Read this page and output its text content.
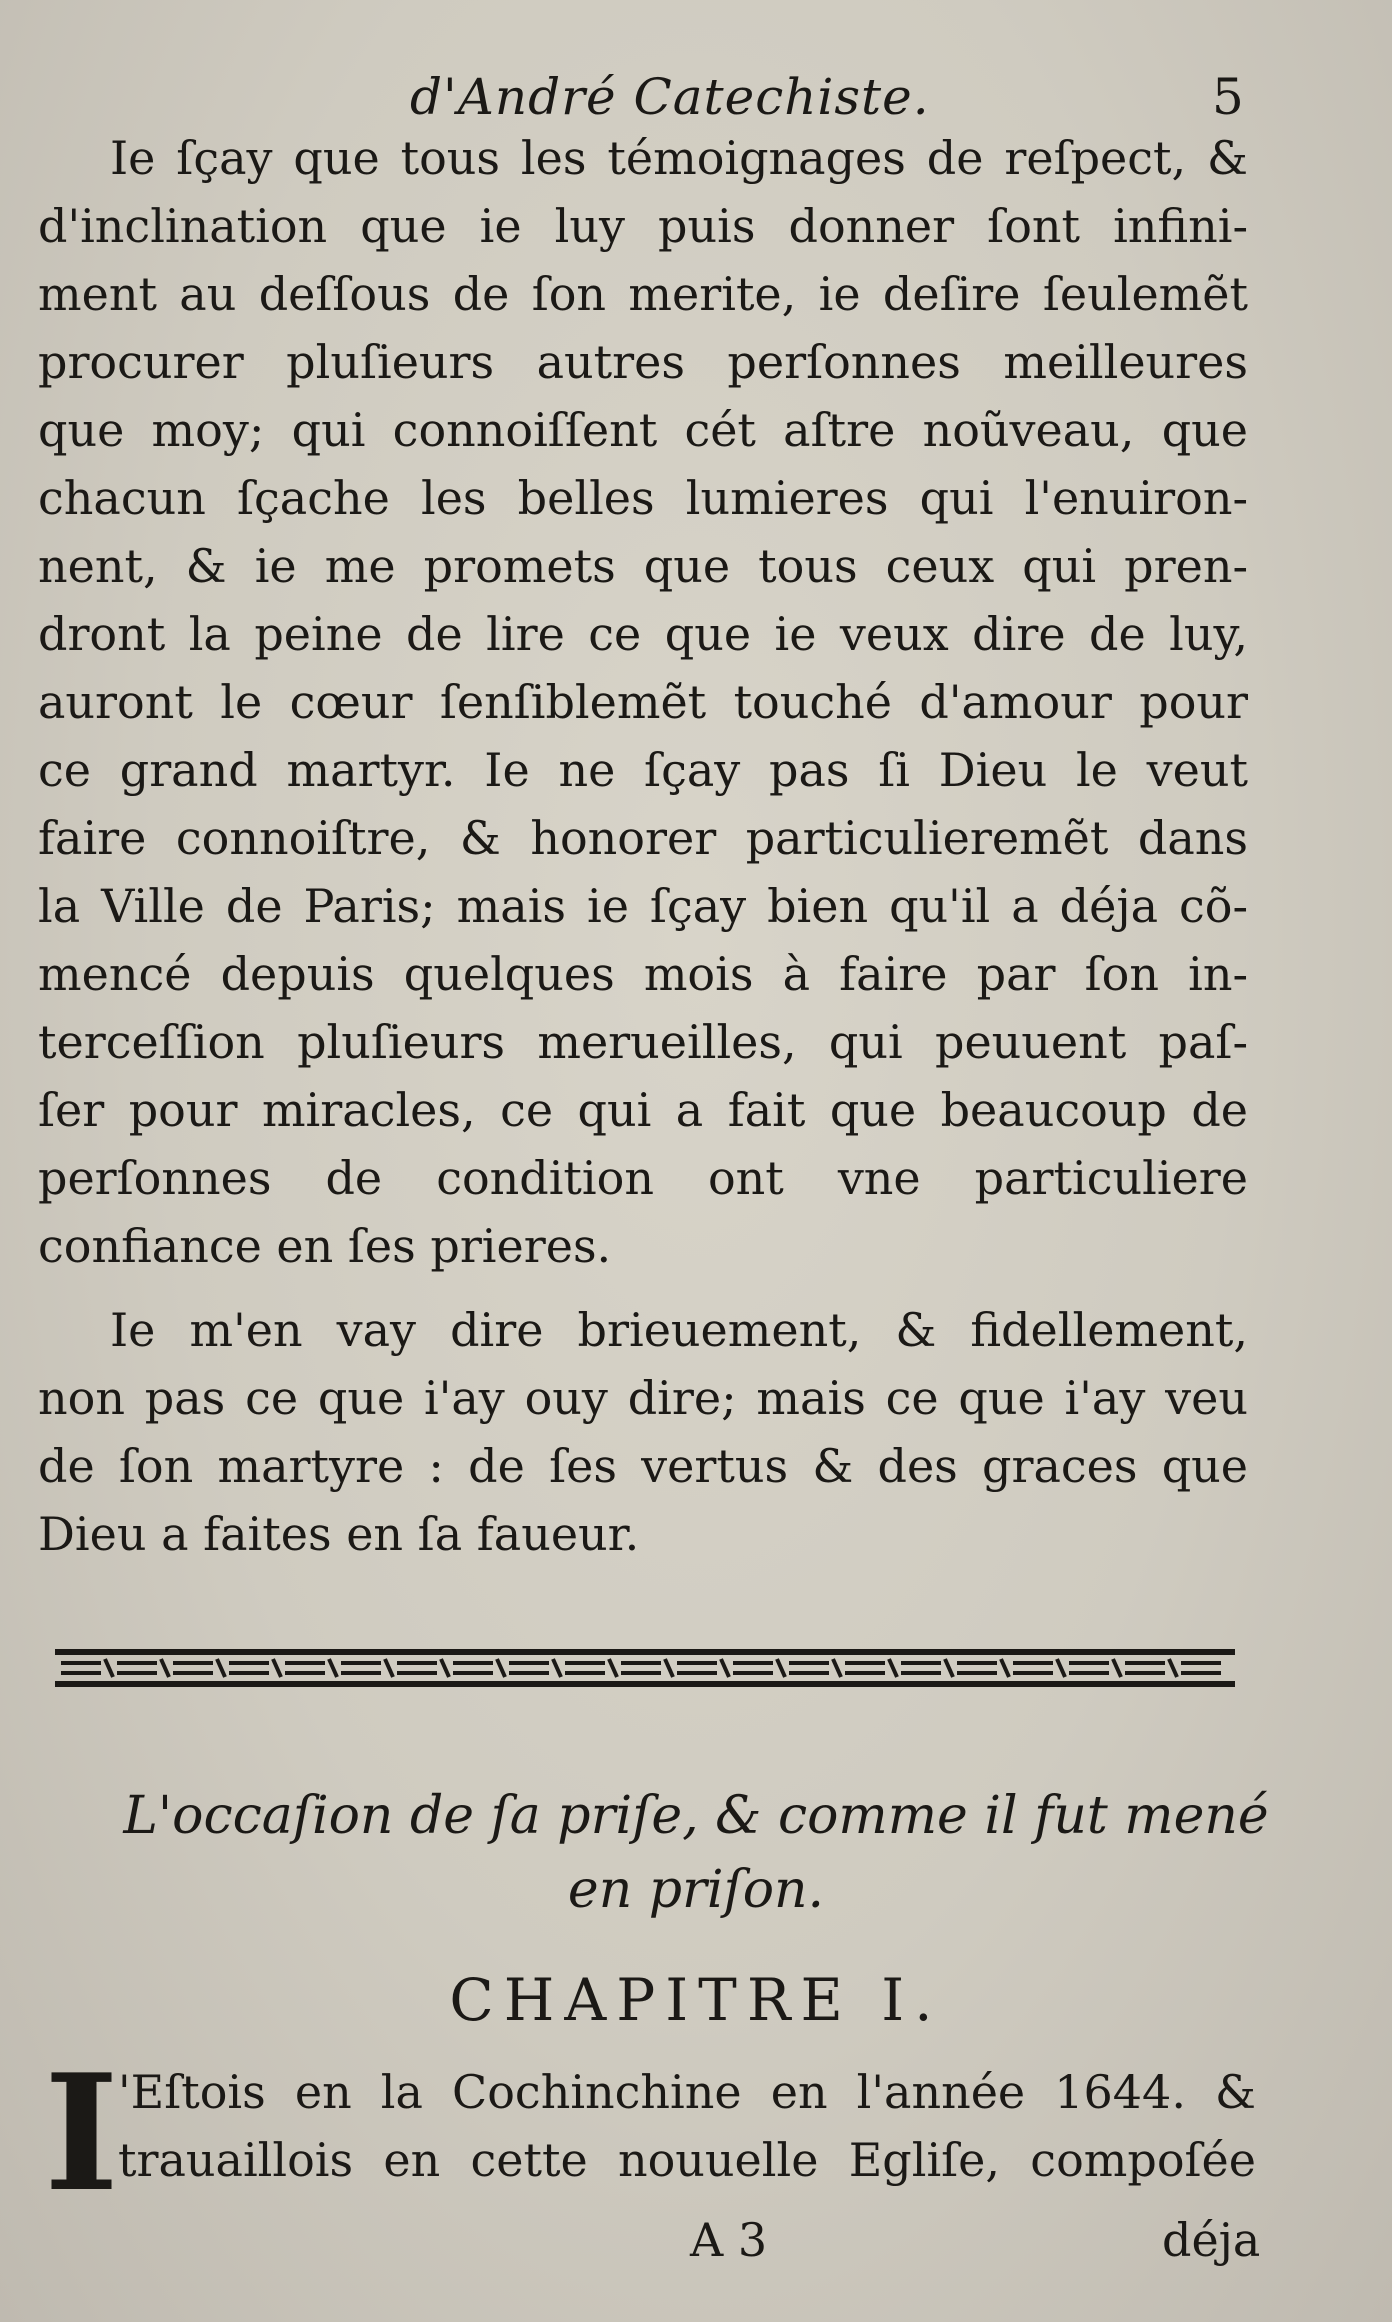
d'André Catechiste.	5
Ie ſçay que tous les témoignages de reſpect, &
d'inclination que ie luy puis donner ſont infini-
ment au deſſous de ſon merite, ie deſire ſeulemẽt
procurer pluſieurs autres perſonnes meilleures
que moy; qui connoiſſent cét aſtre noũveau, que
chacun ſçache les belles lumieres qui l'enuiron-
nent, & ie me promets que tous ceux qui pren-
dront la peine de lire ce que ie veux dire de luy,
auront le cœur ſenſiblemẽt touché d'amour pour
ce grand martyr. Ie ne ſçay pas ſi Dieu le veut
faire connoiſtre, & honorer particulieremẽt dans
la Ville de Paris; mais ie ſçay bien qu'il a déja cõ-
mencé depuis quelques mois à faire par ſon in-
terceſſion pluſieurs merueilles, qui peuuent paſ-
ſer pour miracles, ce qui a fait que beaucoup de
perſonnes de condition ont vne particuliere
confiance en ſes prieres.
Ie m'en vay dire brieuement, & fidellement,
non pas ce que i'ay ouy dire; mais ce que i'ay veu
de ſon martyre : de ſes vertus & des graces que
Dieu a faites en ſa faueur.
L'occaſion de ſa priſe, & comme il fut mené
en priſon.
CHAPITRE I.
I 'Eſtois en la Cochinchine en l'année 1644. &
trauaillois en cette nouuelle Egliſe, compoſée
A 3	déja
